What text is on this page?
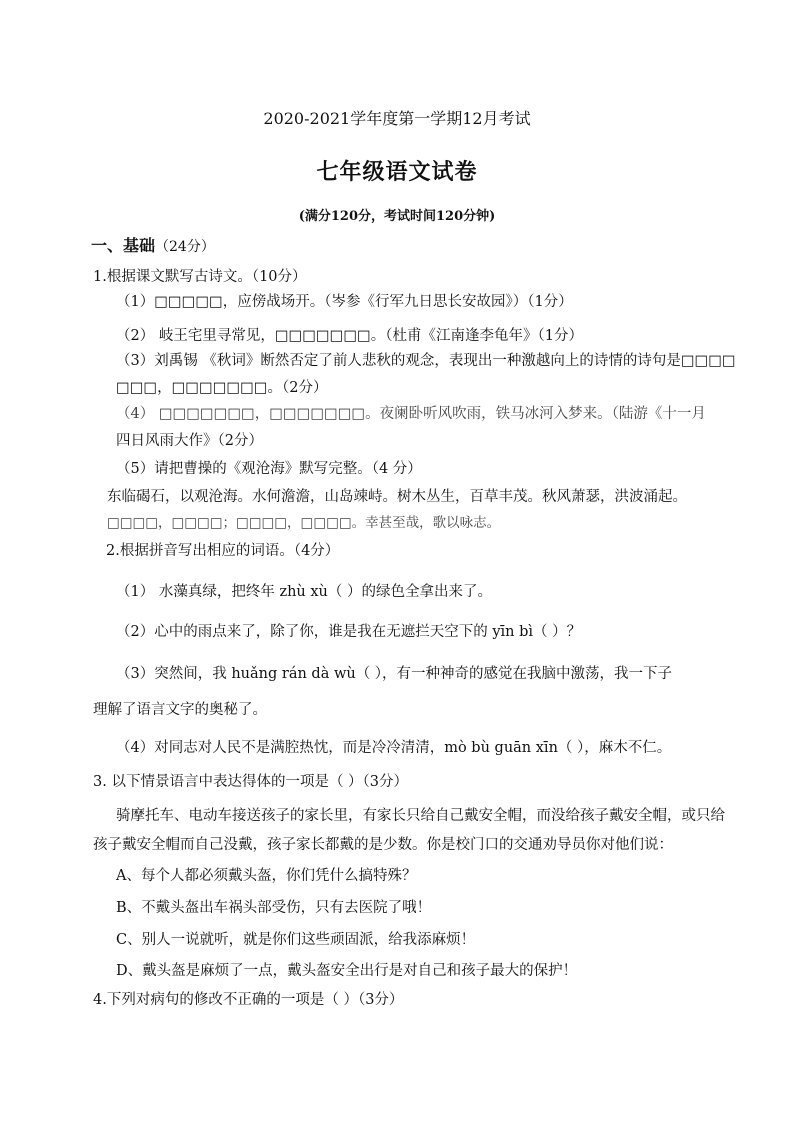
2020-2021学年度第一学期12月考试
七年级语文试卷
(满分120分，考试时间120分钟)
一、基础（24分）
1.根据课文默写古诗文。（10分）
（1）□□□□□，应傍战场开。（岑参《行军九日思长安故园》）（1分）
（2） 岐王宅里寻常见，□□□□□□□。（杜甫《江南逢李龟年》（1分）
（3）刘禹锡 《秋词》断然否定了前人悲秋的观念，表现出一种激越向上的诗情的诗句是□□□□
□□□，□□□□□□□。（2分）
（4） □□□□□□□，□□□□□□□。夜阑卧听风吹雨，铁马冰河入梦来。（陆游《十一月
四日风雨大作》（2分）
（5）请把曹操的《观沧海》默写完整。（4 分）
东临碣石，以观沧海。水何澹澹，山岛竦峙。树木丛生，百草丰茂。秋风萧瑟，洪波涌起。
□□□□，□□□□；□□□□，□□□□。幸甚至哉，歌以咏志。
2.根据拼音写出相应的词语。（4分）
（1） 水藻真绿，把终年 zhù xù（ ）的绿色全拿出来了。
（2）心中的雨点来了，除了你，谁是我在无遮拦天空下的 yīn bì（ ）？
（3）突然间，我 huǎng rán dà wù（ ），有一种神奇的感觉在我脑中激荡，我一下子
理解了语言文字的奥秘了。
（4）对同志对人民不是满腔热忱，而是冷冷清清，mò bù guān xīn（ ），麻木不仁。
3. 以下情景语言中表达得体的一项是（ ）（3分）
骑摩托车、电动车接送孩子的家长里，有家长只给自己戴安全帽，而没给孩子戴安全帽，或只给
孩子戴安全帽而自己没戴，孩子家长都戴的是少数。你是校门口的交通劝导员你对他们说：
A、每个人都必须戴头盔，你们凭什么搞特殊？
B、不戴头盔出车祸头部受伤，只有去医院了哦！
C、别人一说就听，就是你们这些顽固派，给我添麻烦！
D、戴头盔是麻烦了一点，戴头盔安全出行是对自己和孩子最大的保护！
4.下列对病句的修改不正确的一项是（ ）（3分）
